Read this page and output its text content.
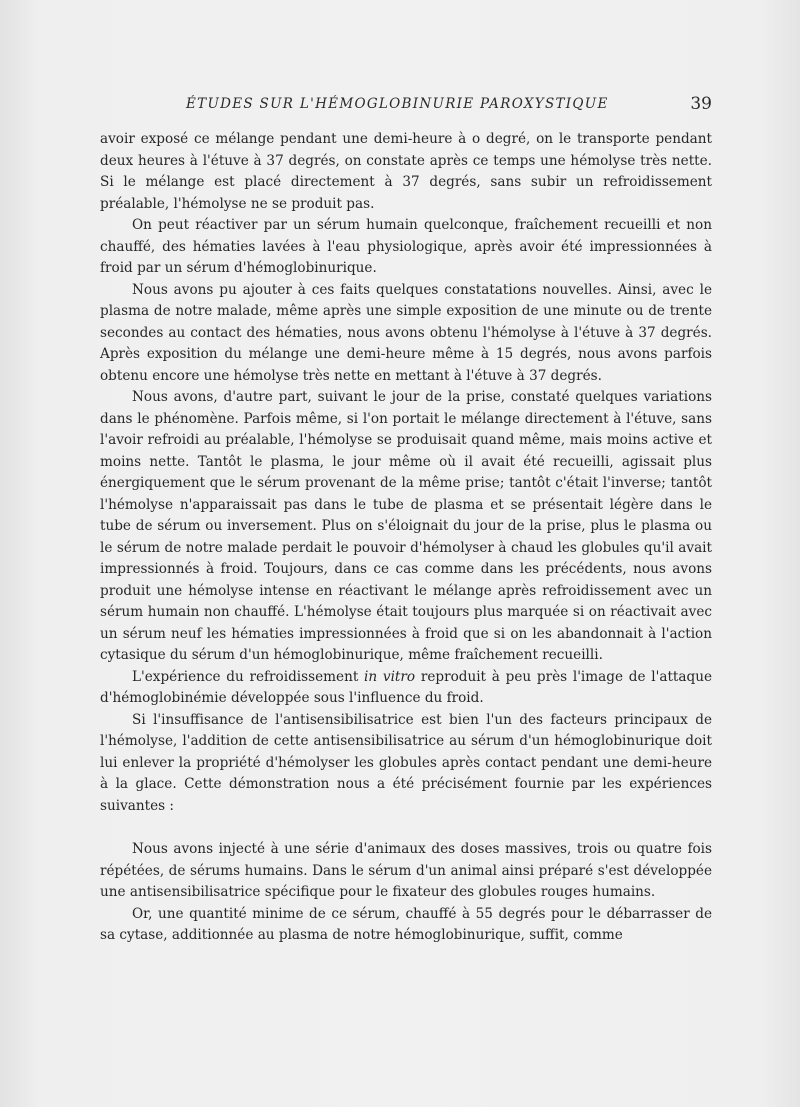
ÉTUDES SUR L'HÉMOGLOBINURIE PAROXYSTIQUE	39

avoir exposé ce mélange pendant une demi-heure à o degré, on le transporte pendant deux heures à l'étuve à 37 degrés, on constate après ce temps une hémolyse très nette. Si le mélange est placé directement à 37 degrés, sans subir un refroidissement préalable, l'hémolyse ne se produit pas.

On peut réactiver par un sérum humain quelconque, fraîchement recueilli et non chauffé, des hématies lavées à l'eau physiologique, après avoir été impressionnées à froid par un sérum d'hémoglobinurique.

Nous avons pu ajouter à ces faits quelques constatations nouvelles. Ainsi, avec le plasma de notre malade, même après une simple exposition de une minute ou de trente secondes au contact des hématies, nous avons obtenu l'hémolyse à l'étuve à 37 degrés. Après exposition du mélange une demi-heure même à 15 degrés, nous avons parfois obtenu encore une hémolyse très nette en mettant à l'étuve à 37 degrés.

Nous avons, d'autre part, suivant le jour de la prise, constaté quelques variations dans le phénomène. Parfois même, si l'on portait le mélange directement à l'étuve, sans l'avoir refroidi au préalable, l'hémolyse se produisait quand même, mais moins active et moins nette. Tantôt le plasma, le jour même où il avait été recueilli, agissait plus énergiquement que le sérum provenant de la même prise; tantôt c'était l'inverse; tantôt l'hémolyse n'apparaissait pas dans le tube de plasma et se présentait légère dans le tube de sérum ou inversement. Plus on s'éloignait du jour de la prise, plus le plasma ou le sérum de notre malade perdait le pouvoir d'hémolyser à chaud les globules qu'il avait impressionnés à froid. Toujours, dans ce cas comme dans les précédents, nous avons produit une hémolyse intense en réactivant le mélange après refroidissement avec un sérum humain non chauffé. L'hémolyse était toujours plus marquée si on réactivait avec un sérum neuf les hématies impressionnées à froid que si on les abandonnait à l'action cytasique du sérum d'un hémoglobinurique, même fraîchement recueilli.

L'expérience du refroidissement in vitro reproduit à peu près l'image de l'attaque d'hémoglobinémie développée sous l'influence du froid.

Si l'insuffisance de l'antisensibilisatrice est bien l'un des facteurs principaux de l'hémolyse, l'addition de cette antisensibilisatrice au sérum d'un hémoglobinurique doit lui enlever la propriété d'hémolyser les globules après contact pendant une demi-heure à la glace. Cette démonstration nous a été précisément fournie par les expériences suivantes :

Nous avons injecté à une série d'animaux des doses massives, trois ou quatre fois répétées, de sérums humains. Dans le sérum d'un animal ainsi préparé s'est développée une antisensibilisatrice spécifique pour le fixateur des globules rouges humains.

Or, une quantité minime de ce sérum, chauffé à 55 degrés pour le débarrasser de sa cytase, additionnée au plasma de notre hémoglobinurique, suffit, comme
